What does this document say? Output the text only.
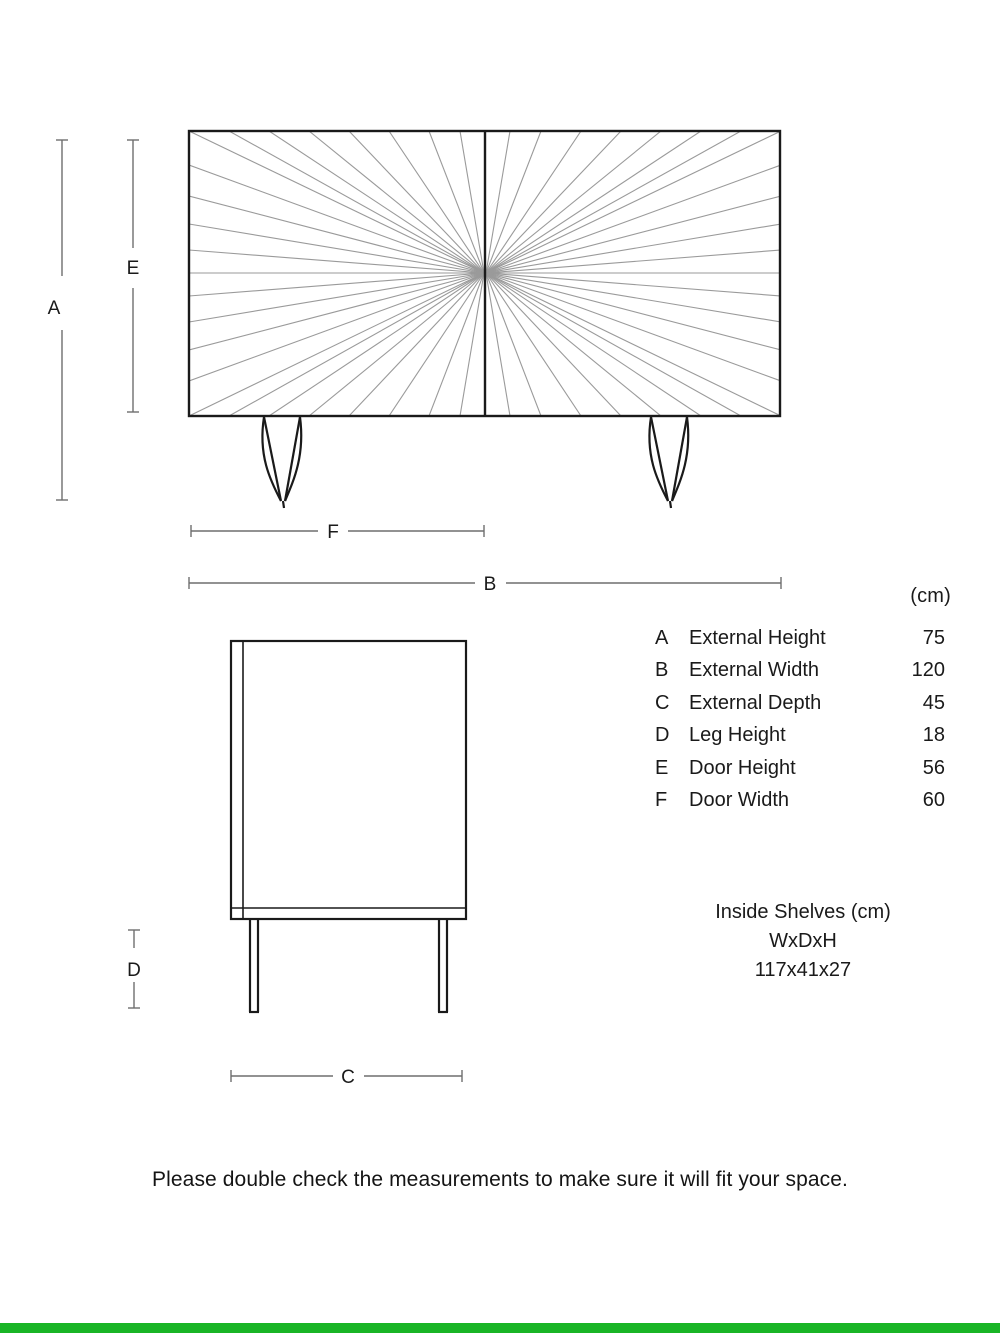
A
E
F
B
D
C
(cm)
A	External Height	75
B	External Width	120
C	External Depth	45
D	Leg Height	18
E	Door Height	56
F	Door Width	60
Inside Shelves (cm)
WxDxH
117x41x27
Please double check the measurements to make sure it will fit your space.
